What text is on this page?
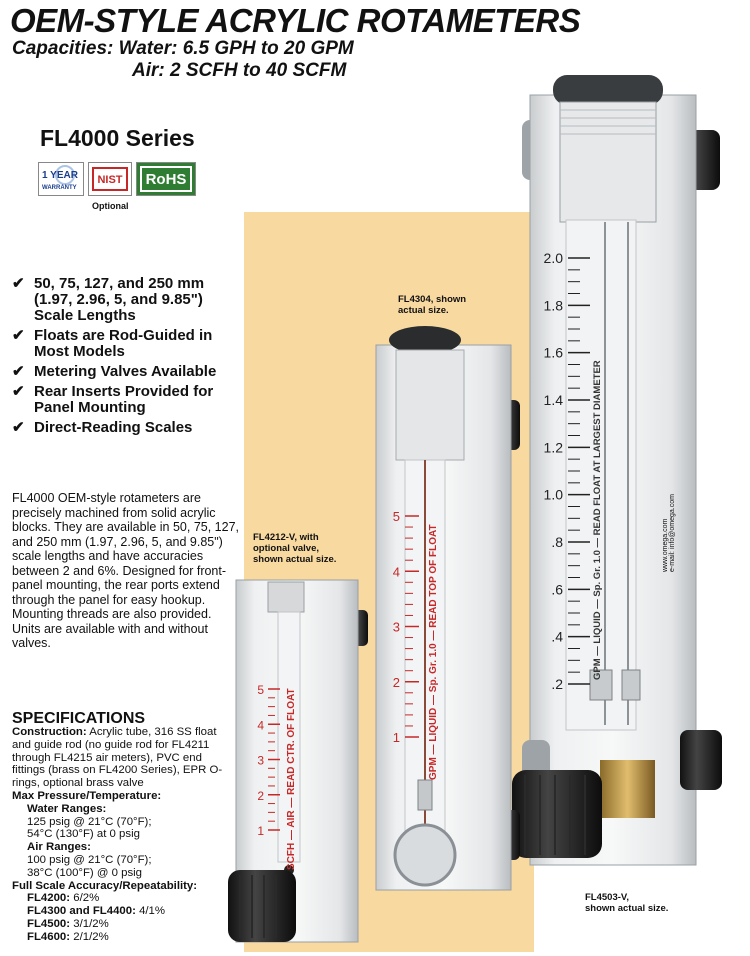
OEM-STYLE ACRYLIC ROTAMETERS
Capacities: Water: 6.5 GPH to 20 GPM
Air: 2 SCFH to 40 SCFM
FL4000 Series
1 YEAR
WARRANTY
NIST	RoHS
Optional
✔ 50, 75, 127, and 250 mm (1.97, 2.96, 5, and 9.85") Scale Lengths
✔ Floats are Rod-Guided in Most Models
✔ Metering Valves Available
✔ Rear Inserts Provided for Panel Mounting
✔ Direct-Reading Scales
FL4000 OEM-style rotameters are precisely machined from solid acrylic blocks. They are available in 50, 75, 127, and 250 mm (1.97, 2.96, 5, and 9.85") scale lengths and have accuracies between 2 and 6%. Designed for front-panel mounting, the rear ports extend through the panel for easy hookup. Mounting threads are also provided. Units are available with and without valves.
SPECIFICATIONS
Construction: Acrylic tube, 316 SS float and guide rod (no guide rod for FL4211 through FL4215 air meters), PVC end fittings (brass on FL4200 Series), EPR O-rings, optional brass valve
Max Pressure/Temperature:
Water Ranges:
125 psig @ 21°C (70°F);
54°C (130°F) at 0 psig
Air Ranges:
100 psig @ 21°C (70°F);
38°C (100°F) @ 0 psig
Full Scale Accuracy/Repeatability:
FL4200: 6/2%
FL4300 and FL4400: 4/1%
FL4500: 3/1/2%
FL4600: 2/1/2%
2.0
1.8
1.6
1.4
1.2
1.0
.8
.6
.4
.2
GPM — LIQUID — Sp. Gr. 1.0 — READ FLOAT AT LARGEST DIAMETER
5
4
3
2
1	GPM — LIQUID — Sp. Gr. 1.0 — READ TOP OF FLOAT
5
4
3
2
1 SCFH — AIR — READ CTR. OF FLOAT
FL4304, shown
actual size.
FL4212-V, with
optional valve,
shown actual size.
FL4503-V,
shown actual size.
www.omega.com e-mail: info@omega.com
